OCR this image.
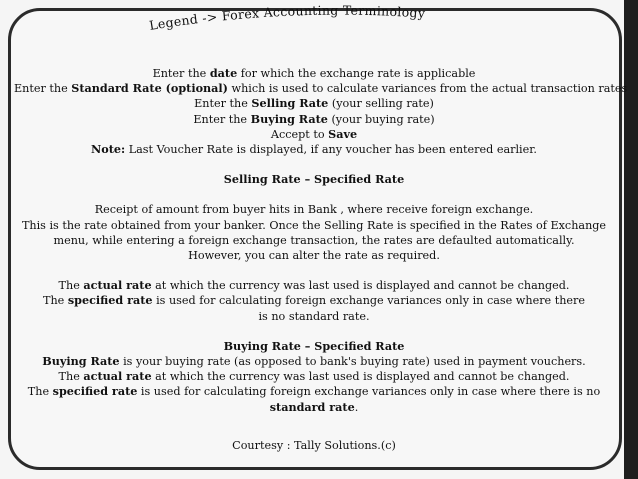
Legend -> Forex Accounting Terminology
Enter the date for which the exchange rate is applicable
Enter the Standard Rate (optional) which is used to calculate variances from the actual transaction rates
Enter the Selling Rate (your selling rate)
Enter the Buying Rate (your buying rate)
Accept to Save
Note: Last Voucher Rate is displayed, if any voucher has been entered earlier.
Selling Rate – Specified Rate
Receipt of amount from buyer hits in Bank , where receive foreign exchange.
This is the rate obtained from your banker. Once the Selling Rate is specified in the Rates of Exchange menu, while entering a foreign exchange transaction, the rates are defaulted automatically.
However, you can alter the rate as required.
The actual rate at which the currency was last used is displayed and cannot be changed.
The specified rate is used for calculating foreign exchange variances only in case where there is no standard rate.
Buying Rate – Specified Rate
Buying Rate is your buying rate (as opposed to bank's buying rate) used in payment vouchers.
The actual rate at which the currency was last used is displayed and cannot be changed.
The specified rate is used for calculating foreign exchange variances only in case where there is no
standard rate.
Courtesy : Tally Solutions.(c)
